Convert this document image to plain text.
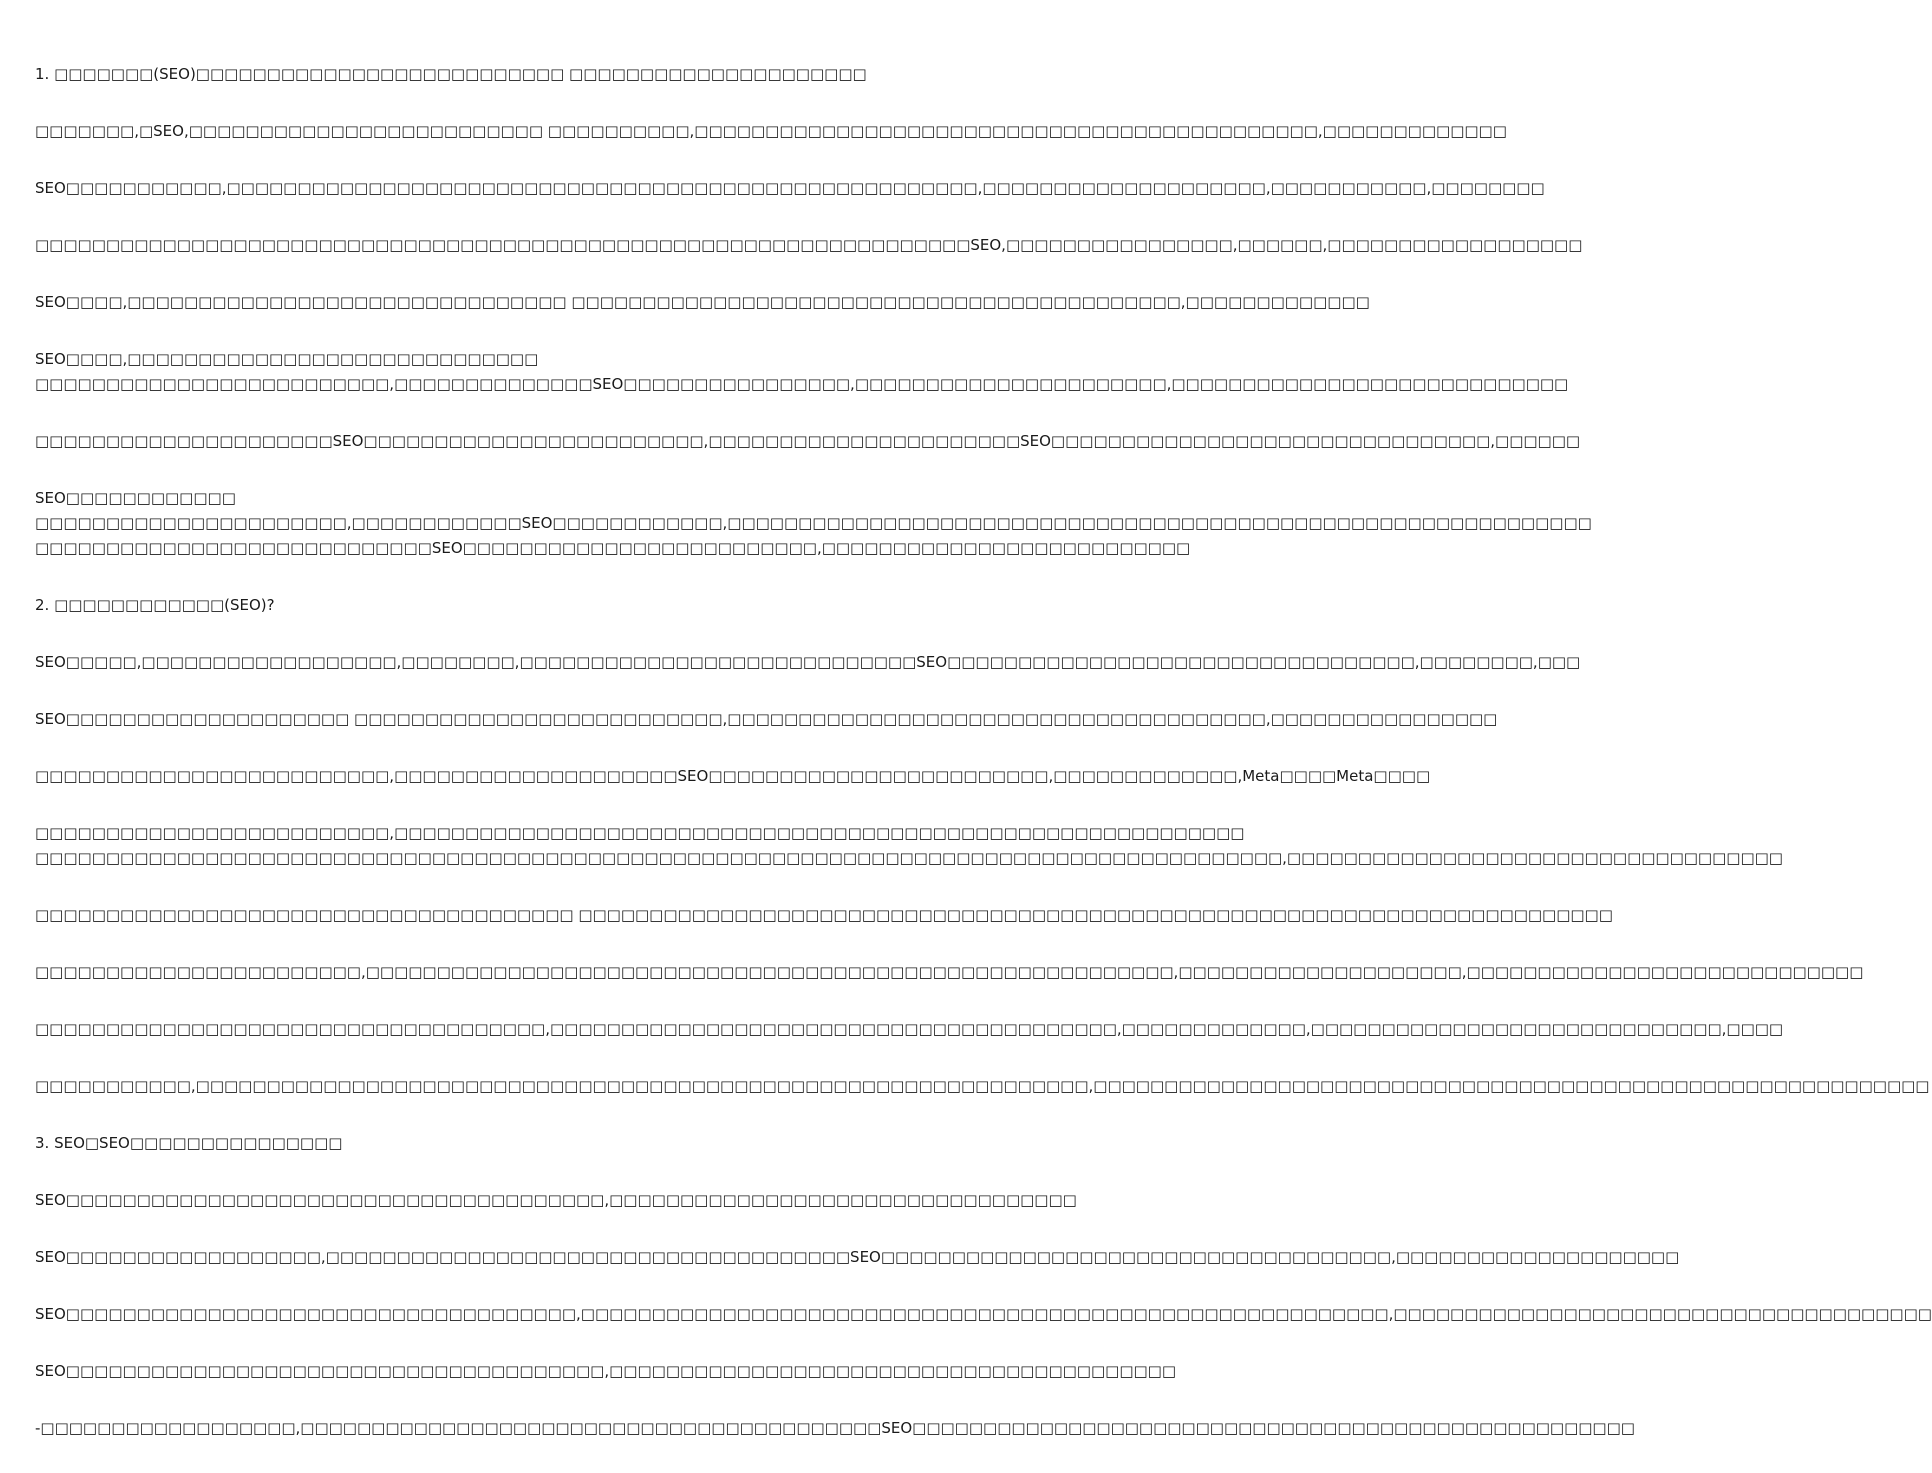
1. □□□□□□□(SEO)□□□□□□□□□□□□□□□□□□□□□□□□□□ □□□□□□□□□□□□□□□□□□□□□
□□□□□□□,□SEO,□□□□□□□□□□□□□□□□□□□□□□□□□ □□□□□□□□□□,□□□□□□□□□□□□□□□□□□□□□□□□□□□□□□□□□□□□□□□□□□□□,□□□□□□□□□□□□□
SEO□□□□□□□□□□□,□□□□□□□□□□□□□□□□□□□□□□□□□□□□□□□□□□□□□□□□□□□□□□□□□□□□□,□□□□□□□□□□□□□□□□□□□□,□□□□□□□□□□□,□□□□□□□□
□□□□□□□□□□□□□□□□□□□□□□□□□□□□□□□□□□□□□□□□□□□□□□□□□□□□□□□□□□□□□□□□□□SEO,□□□□□□□□□□□□□□□□,□□□□□□,□□□□□□□□□□□□□□□□□□
SEO□□□□,□□□□□□□□□□□□□□□□□□□□□□□□□□□□□□□ □□□□□□□□□□□□□□□□□□□□□□□□□□□□□□□□□□□□□□□□□□□,□□□□□□□□□□□□□
SEO□□□□,□□□□□□□□□□□□□□□□□□□□□□□□□□□□□
□□□□□□□□□□□□□□□□□□□□□□□□□,□□□□□□□□□□□□□□SEO□□□□□□□□□□□□□□□□,□□□□□□□□□□□□□□□□□□□□□□,□□□□□□□□□□□□□□□□□□□□□□□□□□□□
□□□□□□□□□□□□□□□□□□□□□SEO□□□□□□□□□□□□□□□□□□□□□□□□,□□□□□□□□□□□□□□□□□□□□□□SEO□□□□□□□□□□□□□□□□□□□□□□□□□□□□□□□,□□□□□□
SEO□□□□□□□□□□□□
□□□□□□□□□□□□□□□□□□□□□□,□□□□□□□□□□□□SEO□□□□□□□□□□□□,□□□□□□□□□□□□□□□□□□□□□□□□□□□□□□□□□□□□□□□□□□□□□□□□□□□□□□□□□□□□□
□□□□□□□□□□□□□□□□□□□□□□□□□□□□SEO□□□□□□□□□□□□□□□□□□□□□□□□□,□□□□□□□□□□□□□□□□□□□□□□□□□□
2. □□□□□□□□□□□□(SEO)?
SEO□□□□□,□□□□□□□□□□□□□□□□□□,□□□□□□□□,□□□□□□□□□□□□□□□□□□□□□□□□□□□□SEO□□□□□□□□□□□□□□□□□□□□□□□□□□□□□□□□□,□□□□□□□□,□□□
SEO□□□□□□□□□□□□□□□□□□□□ □□□□□□□□□□□□□□□□□□□□□□□□□□,□□□□□□□□□□□□□□□□□□□□□□□□□□□□□□□□□□□□□□,□□□□□□□□□□□□□□□□
□□□□□□□□□□□□□□□□□□□□□□□□□,□□□□□□□□□□□□□□□□□□□□SEO□□□□□□□□□□□□□□□□□□□□□□□□,□□□□□□□□□□□□□,Meta□□□□Meta□□□□
□□□□□□□□□□□□□□□□□□□□□□□□□,□□□□□□□□□□□□□□□□□□□□□□□□□□□□□□□□□□□□□□□□□□□□□□□□□□□□□□□□□□□□
□□□□□□□□□□□□□□□□□□□□□□□□□□□□□□□□□□□□□□□□□□□□□□□□□□□□□□□□□□□□□□□□□□□□□□□□□□□□□□□□□□□□□□□□,□□□□□□□□□□□□□□□□□□□□□□□□□□□□□□□□□□□
□□□□□□□□□□□□□□□□□□□□□□□□□□□□□□□□□□□□□□ □□□□□□□□□□□□□□□□□□□□□□□□□□□□□□□□□□□□□□□□□□□□□□□□□□□□□□□□□□□□□□□□□□□□□□□□□
□□□□□□□□□□□□□□□□□□□□□□□,□□□□□□□□□□□□□□□□□□□□□□□□□□□□□□□□□□□□□□□□□□□□□□□□□□□□□□□□□,□□□□□□□□□□□□□□□□□□□□,□□□□□□□□□□□□□□□□□□□□□□□□□□□□
□□□□□□□□□□□□□□□□□□□□□□□□□□□□□□□□□□□□,□□□□□□□□□□□□□□□□□□□□□□□□□□□□□□□□□□□□□□□□,□□□□□□□□□□□□□,□□□□□□□□□□□□□□□□□□□□□□□□□□□□□,□□□□
□□□□□□□□□□□,□□□□□□□□□□□□□□□□□□□□□□□□□□□□□□□□□□□□□□□□□□□□□□□□□□□□□□□□□□□□□□□,□□□□□□□□□□□□□□□□□□□□□□□□□□□□□□□□□□□□□□□□□□□□□□□□□□□□□□□□□□□
3. SEO□SEO□□□□□□□□□□□□□□□
SEO□□□□□□□□□□□□□□□□□□□□□□□□□□□□□□□□□□□□□□,□□□□□□□□□□□□□□□□□□□□□□□□□□□□□□□□□
SEO□□□□□□□□□□□□□□□□□□,□□□□□□□□□□□□□□□□□□□□□□□□□□□□□□□□□□□□□SEO□□□□□□□□□□□□□□□□□□□□□□□□□□□□□□□□□□□□,□□□□□□□□□□□□□□□□□□□□
SEO□□□□□□□□□□□□□□□□□□□□□□□□□□□□□□□□□□□□,□□□□□□□□□□□□□□□□□□□□□□□□□□□□□□□□□□□□□□□□□□□□□□□□□□□□□□□□□,□□□□□□□□□□□□□□□□□□□□□□□□□□□□□□□□□□□□□□
SEO□□□□□□□□□□□□□□□□□□□□□□□□□□□□□□□□□□□□□□,□□□□□□□□□□□□□□□□□□□□□□□□□□□□□□□□□□□□□□□□
-□□□□□□□□□□□□□□□□□□,□□□□□□□□□□□□□□□□□□□□□□□□□□□□□□□□□□□□□□□□□SEO□□□□□□□□□□□□□□□□□□□□□□□□□□□□□□□□□□□□□□□□□□□□□□□□□□□
